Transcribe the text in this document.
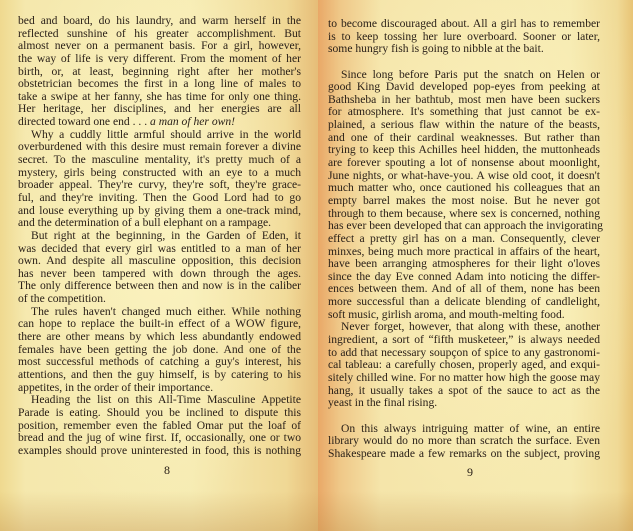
bed and board, do his laundry, and warm herself in the
reflected sunshine of his greater accomplishment. But
almost never on a permanent basis. For a girl, however,
the way of life is very different. From the moment of her
birth, or, at least, beginning right after her mother's
obstetrician becomes the first in a long line of males to
take a swipe at her fanny, she has time for only one thing.
Her heritage, her disciplines, and her energies are all
directed toward one end . . . a man of her own!
Why a cuddly little armful should arrive in the world
overburdened with this desire must remain forever a divine
secret. To the masculine mentality, it's pretty much of a
mystery, girls being constructed with an eye to a much
broader appeal. They're curvy, they're soft, they're grace-
ful, and they're inviting. Then the Good Lord had to go
and louse everything up by giving them a one-track mind,
and the determination of a bull elephant on a rampage.
But right at the beginning, in the Garden of Eden, it
was decided that every girl was entitled to a man of her
own. And despite all masculine opposition, this decision
has never been tampered with down through the ages.
The only difference between then and now is in the caliber
of the competition.
The rules haven't changed much either. While nothing
can hope to replace the built-in effect of a WOW figure,
there are other means by which less abundantly endowed
females have been getting the job done. And one of the
most successful methods of catching a guy's interest, his
attentions, and then the guy himself, is by catering to his
appetites, in the order of their importance.
Heading the list on this All-Time Masculine Appetite
Parade is eating. Should you be inclined to dispute this
position, remember even the fabled Omar put the loaf of
bread and the jug of wine first. If, occasionally, one or two
examples should prove uninterested in food, this is nothing
8
to become discouraged about. All a girl has to remember
is to keep tossing her lure overboard. Sooner or later,
some hungry fish is going to nibble at the bait.
Since long before Paris put the snatch on Helen or
good King David developed pop-eyes from peeking at
Bathsheba in her bathtub, most men have been suckers
for atmosphere. It's something that just cannot be ex-
plained, a serious flaw within the nature of the beasts,
and one of their cardinal weaknesses. But rather than
trying to keep this Achilles heel hidden, the muttonheads
are forever spouting a lot of nonsense about moonlight,
June nights, or what-have-you. A wise old coot, it doesn't
much matter who, once cautioned his colleagues that an
empty barrel makes the most noise. But he never got
through to them because, where sex is concerned, nothing
has ever been developed that can approach the invigorating
effect a pretty girl has on a man. Consequently, clever
minxes, being much more practical in affairs of the heart,
have been arranging atmospheres for their light o'loves
since the day Eve conned Adam into noticing the differ-
ences between them. And of all of them, none has been
more successful than a delicate blending of candlelight,
soft music, girlish aroma, and mouth-melting food.
Never forget, however, that along with these, another
ingredient, a sort of “fifth musketeer,” is always needed
to add that necessary soupçon of spice to any gastronomi-
cal tableau: a carefully chosen, properly aged, and exqui-
sitely chilled wine. For no matter how high the goose may
hang, it usually takes a spot of the sauce to act as the
yeast in the final rising.
On this always intriguing matter of wine, an entire
library would do no more than scratch the surface. Even
Shakespeare made a few remarks on the subject, proving
9
